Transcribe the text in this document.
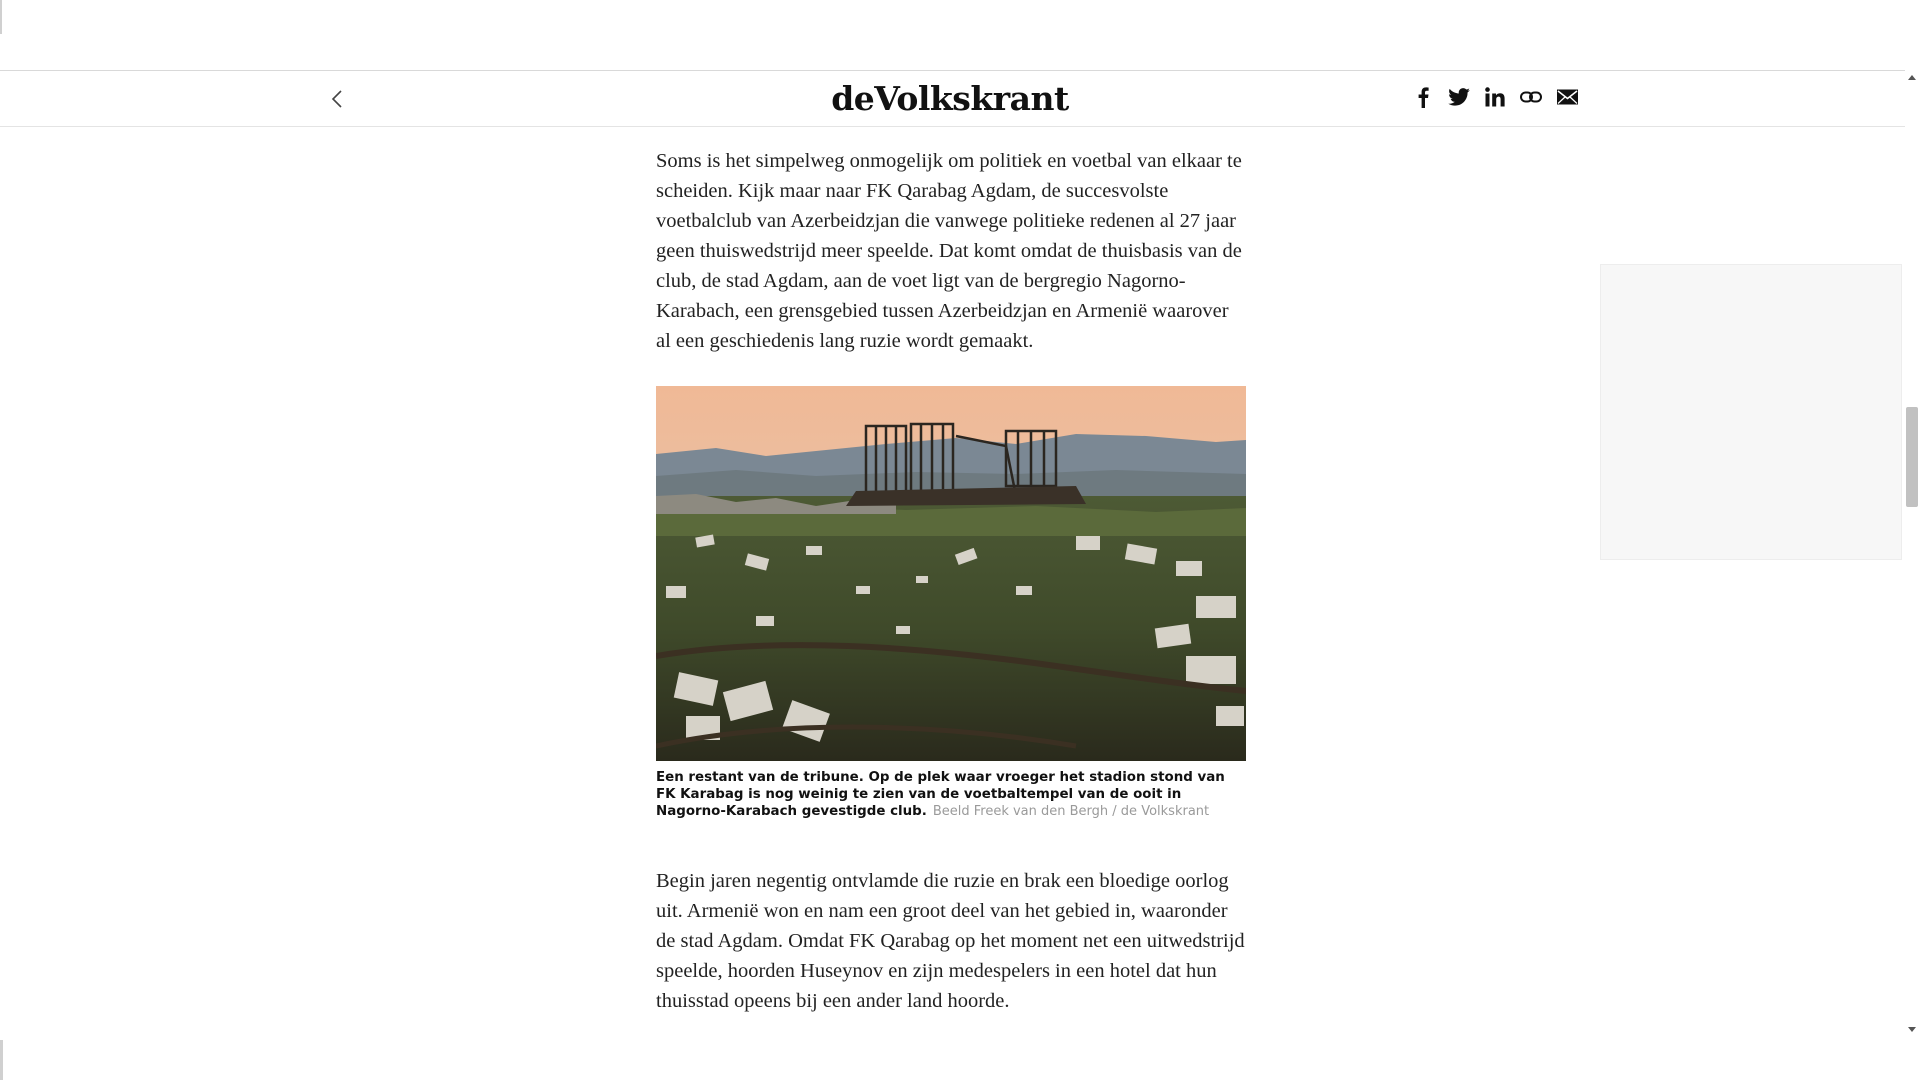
deVolkskrant

Soms is het simpelweg onmogelijk om politiek en voetbal van elkaar te scheiden. Kijk maar naar FK Qarabag Agdam, de succesvolste voetbalclub van Azerbeidzjan die vanwege politieke redenen al 27 jaar geen thuiswedstrijd meer speelde. Dat komt omdat de thuisbasis van de club, de stad Agdam, aan de voet ligt van de bergregio Nagorno-Karabach, een grensgebied tussen Azerbeidzjan en Armenië waarover al een geschiedenis lang ruzie wordt gemaakt.

Een restant van de tribune. Op de plek waar vroeger het stadion stond van FK Karabag is nog weinig te zien van de voetbaltempel van de ooit in Nagorno-Karabach gevestigde club. Beeld Freek van den Bergh / de Volkskrant

Begin jaren negentig ontvlamde die ruzie en brak een bloedige oorlog uit. Armenië won en nam een groot deel van het gebied in, waaronder de stad Agdam. Omdat FK Qarabag op het moment net een uitwedstrijd speelde, hoorden Huseynov en zijn medespelers in een hotel dat hun thuisstad opeens bij een ander land hoorde.
